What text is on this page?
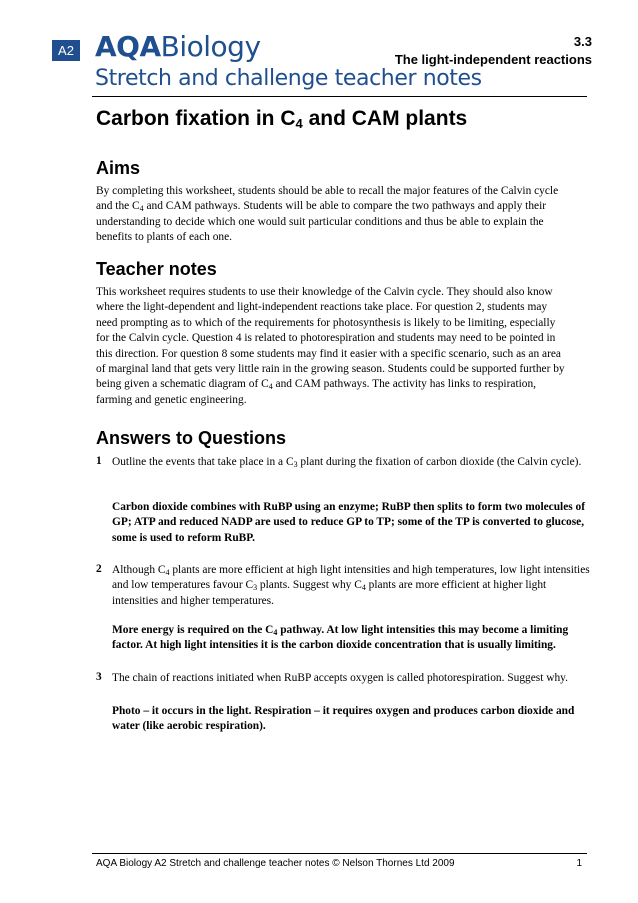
A2 AQABiology
Stretch and challenge teacher notes
3.3
The light-independent reactions
Carbon fixation in $C_4$ and CAM plants
Aims
By completing this worksheet, students should be able to recall the major features of the Calvin cycle and the $C_4$ and CAM pathways. Students will be able to compare the two pathways and apply their understanding to decide which one would suit particular conditions and thus be able to explain the benefits to plants of each one.
Teacher notes
This worksheet requires students to use their knowledge of the Calvin cycle. They should also know where the light-dependent and light-independent reactions take place. For question 2, students may need prompting as to which of the requirements for photosynthesis is likely to be limiting, especially for the Calvin cycle. Question 4 is related to photorespiration and students may need to be pointed in this direction. For question 8 some students may find it easier with a specific scenario, such as an area of marginal land that gets very little rain in the growing season. Students could be supported further by being given a schematic diagram of $C_4$ and CAM pathways. The activity has links to respiration, farming and genetic engineering.
Answers to Questions
1 Outline the events that take place in a $C_3$ plant during the fixation of carbon dioxide (the Calvin cycle).
Carbon dioxide combines with RuBP using an enzyme; RuBP then splits to form two molecules of GP; ATP and reduced NADP are used to reduce GP to TP; some of the TP is converted to glucose, some is used to reform RuBP.
2 Although $C_4$ plants are more efficient at high light intensities and high temperatures, low light intensities and low temperatures favour $C_3$ plants. Suggest why $C_4$ plants are more efficient at higher light intensities and higher temperatures.
More energy is required on the $C_4$ pathway. At low light intensities this may become a limiting factor. At high light intensities it is the carbon dioxide concentration that is usually limiting.
3 The chain of reactions initiated when RuBP accepts oxygen is called photorespiration. Suggest why.
Photo – it occurs in the light. Respiration – it requires oxygen and produces carbon dioxide and water (like aerobic respiration).
AQA Biology A2 Stretch and challenge teacher notes © Nelson Thornes Ltd 2009	1
